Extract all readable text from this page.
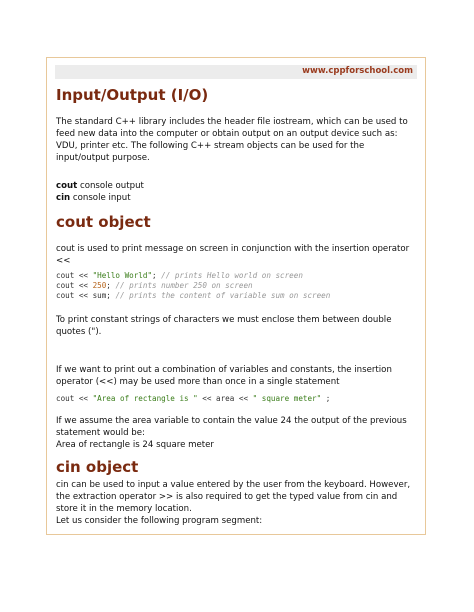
www.cppforschool.com
Input/Output (I/O)
The standard C++ library includes the header file iostream, which can be used to feed new data into the computer or obtain output on an output device such as: VDU, printer etc. The following C++ stream objects can be used for the input/output purpose.
cout console output
cin console input
cout object
cout is used to print message on screen in conjunction with the insertion operator <<
cout << "Hello World"; // prints Hello world on screen
cout << 250; // prints number 250 on screen
cout << sum; // prints the content of variable sum on screen
To print constant strings of characters we must enclose them between double quotes (").
If we want to print out a combination of variables and constants, the insertion operator (<<) may be used more than once in a single statement
cout << "Area of rectangle is " << area << " square meter" ;
If we assume the area variable to contain the value 24 the output of the previous statement would be:
Area of rectangle is 24 square meter
cin object
cin can be used to input a value entered by the user from the keyboard. However, the extraction operator >> is also required to get the typed value from cin and store it in the memory location.
Let us consider the following program segment:
